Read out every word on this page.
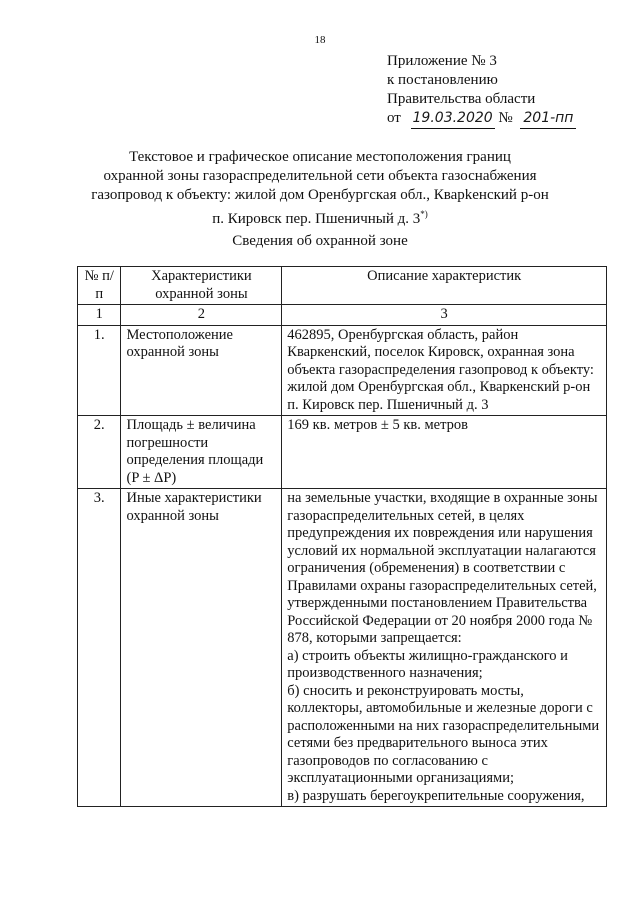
18
Приложение № 3
к постановлению
Правительства области
от 19.03.2020 № 201-пп
Текстовое и графическое описание местоположения границ
охранной зоны газораспределительной сети объекта газоснабжения
газопровод к объекту: жилой дом Оренбургская обл., Кварkенский р-он
п. Кировск пер. Пшеничный д. 3*)
Сведения об охранной зоне
№ п/п	Характеристики охранной зоны	Описание характеристик
1	2	3
1.	Местоположение охранной зоны	462895, Оренбургская область, район Кваркенский, поселок Кировск, охранная зона объекта газораспределения газопровод к объекту: жилой дом Оренбургская обл., Кваркенский р-он п. Кировск пер. Пшеничный д. 3
2.	Площадь ± величина погрешности определения площади (P ± ΔP)	169 кв. метров ± 5 кв. метров
3.	Иные характеристики охранной зоны	на земельные участки, входящие в охранные зоны газораспределительных сетей, в целях предупреждения их повреждения или нарушения условий их нормальной эксплуатации налагаются ограничения (обременения) в соответствии с Правилами охраны газораспределительных сетей, утвержденными постановлением Правительства Российской Федерации от 20 ноября 2000 года № 878, которыми запрещается:
а) строить объекты жилищно-гражданского и производственного назначения;
б) сносить и реконструировать мосты, коллекторы, автомобильные и железные дороги с расположенными на них газораспределительными сетями без предварительного выноса этих газопроводов по согласованию с эксплуатационными организациями;
в) разрушать берегоукрепительные сооружения,
